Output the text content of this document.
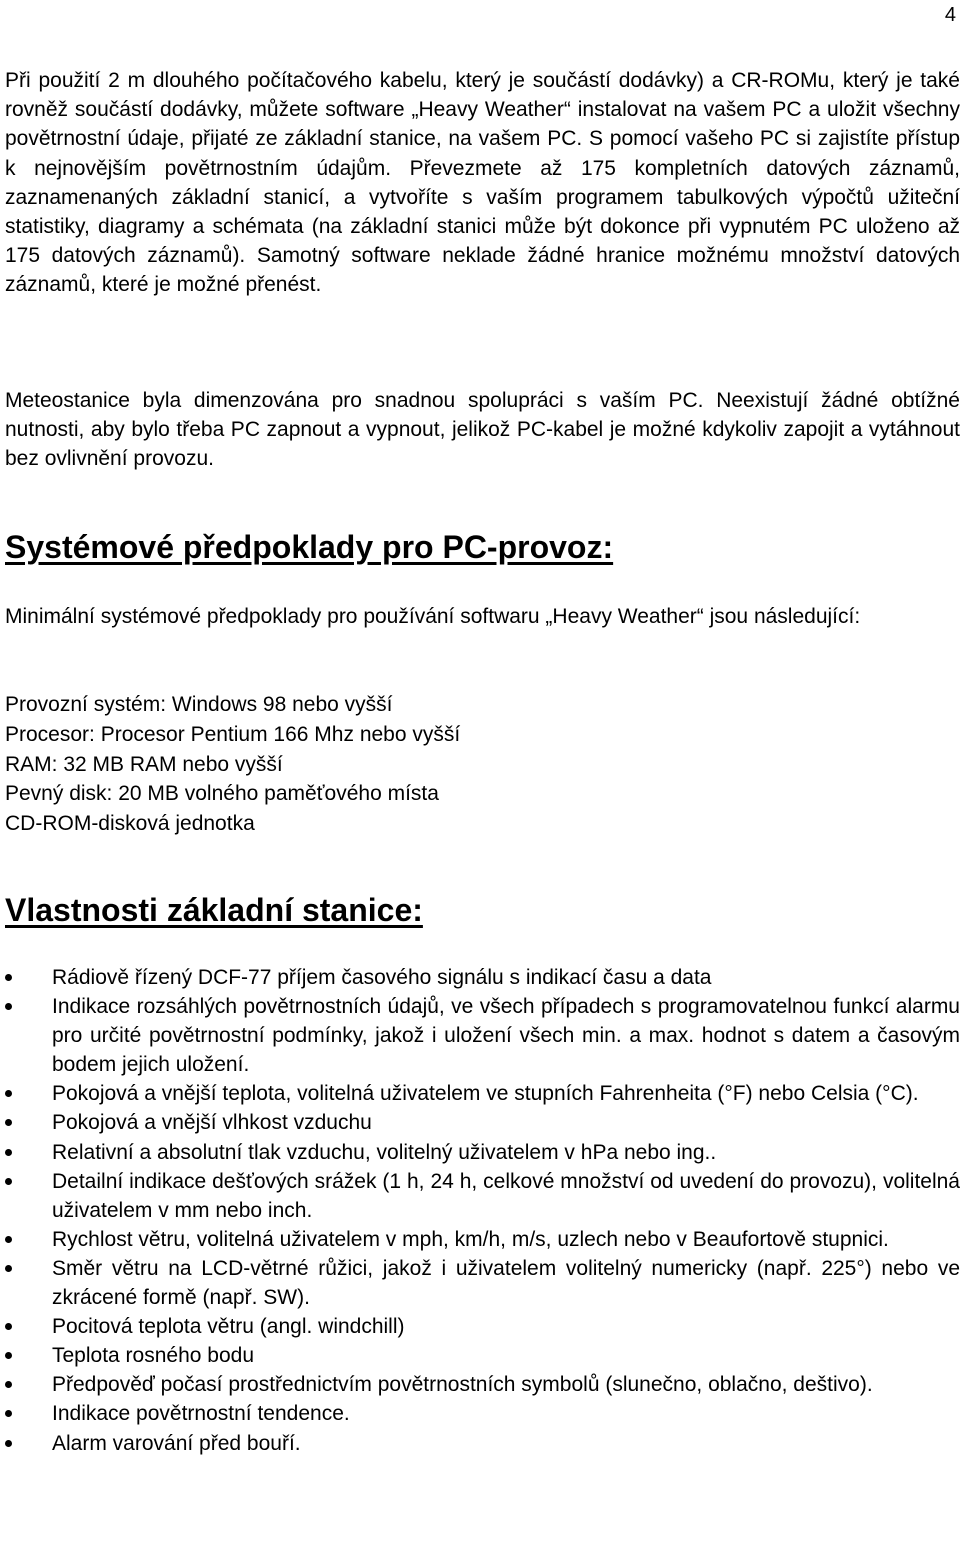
4

Při použití 2 m dlouhého počítačového kabelu, který je součástí dodávky) a CR-ROMu, který je také rovněž součástí dodávky, můžete software „Heavy Weather“ instalovat na vašem PC a uložit všechny povětrnostní údaje, přijaté ze základní stanice, na vašem PC. S pomocí vašeho PC si zajistíte přístup k nejnovějším povětrnostním údajům. Převezmete až 175 kompletních datových záznamů, zaznamenaných základní stanicí, a vytvoříte s vaším programem tabulkových výpočtů užiteční statistiky, diagramy a schémata (na základní stanici může být dokonce při vypnutém PC uloženo až 175 datových záznamů). Samotný software neklade žádné hranice možnému množství datových záznamů, které je možné přenést.

Meteostanice byla dimenzována pro snadnou spolupráci s vaším PC. Neexistují žádné obtížné nutnosti, aby bylo třeba PC zapnout a vypnout, jelikož PC-kabel je možné kdykoliv zapojit a vytáhnout bez ovlivnění provozu.

Systémové předpoklady pro PC-provoz:

Minimální systémové předpoklady pro používání softwaru „Heavy Weather“ jsou následující:

Provozní systém: Windows 98 nebo vyšší
Procesor: Procesor Pentium 166 Mhz nebo vyšší
RAM: 32 MB RAM nebo vyšší
Pevný disk: 20 MB volného paměťového místa
CD-ROM-disková jednotka
Vlastnosti základní stanice:
Rádiově řízený DCF-77 příjem časového signálu s indikací času a data
Indikace rozsáhlých povětrnostních údajů, ve všech případech s programovatelnou funkcí alarmu pro určité povětrnostní podmínky, jakož i uložení všech min. a max. hodnot s datem a časovým bodem jejich uložení.
Pokojová a vnější teplota, volitelná uživatelem ve stupních Fahrenheita (°F) nebo Celsia (°C).
Pokojová a vnější vlhkost vzduchu
Relativní a absolutní tlak vzduchu, volitelný uživatelem v hPa nebo ing..
Detailní indikace dešťových srážek (1 h, 24 h, celkové množství od uvedení do provozu), volitelná uživatelem v mm nebo inch.
Rychlost větru, volitelná uživatelem v mph, km/h, m/s, uzlech nebo v Beaufortově stupnici.
Směr větru na LCD-větrné růžici, jakož i uživatelem volitelný numericky (např. 225°) nebo ve zkrácené formě (např. SW).
Pocitová teplota větru (angl. windchill)
Teplota rosného bodu
Předpověď počasí prostřednictvím povětrnostních symbolů (slunečno, oblačno, deštivo).
Indikace povětrnostní tendence.
Alarm varování před bouří.
